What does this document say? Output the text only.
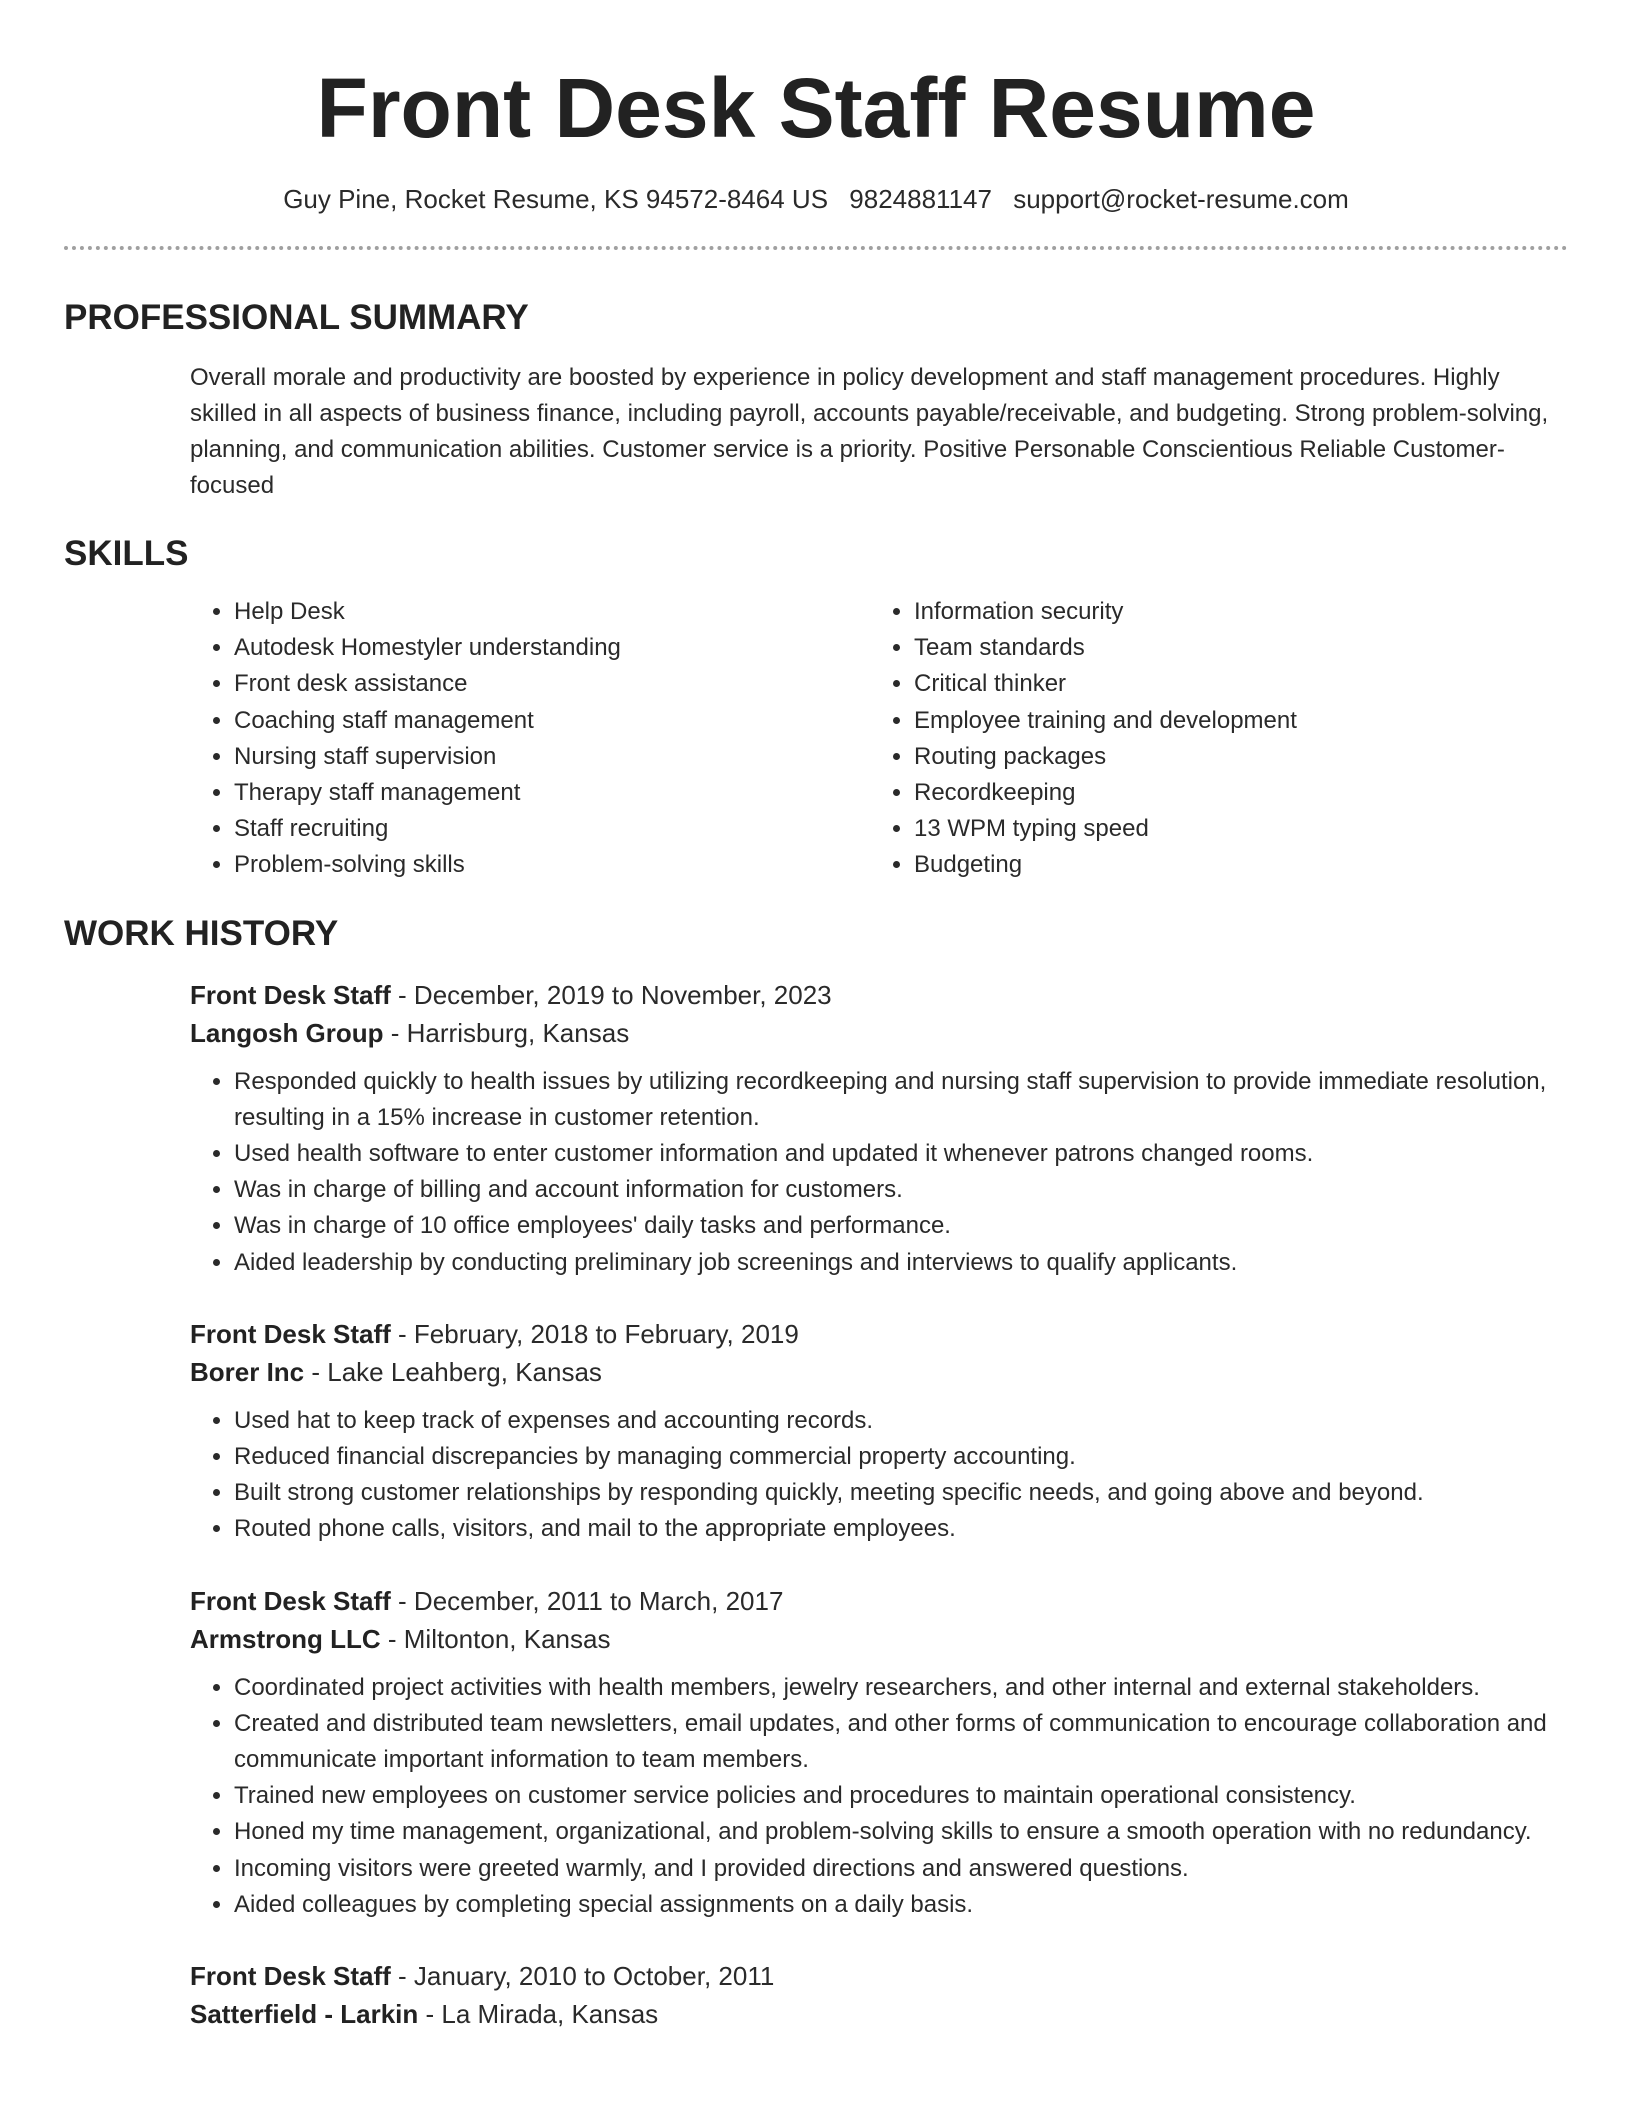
Front Desk Staff Resume
Guy Pine, Rocket Resume, KS 94572-8464 US 9824881147 support@rocket-resume.com
PROFESSIONAL SUMMARY

Overall morale and productivity are boosted by experience in policy development and staff management procedures. Highly skilled in all aspects of business finance, including payroll, accounts payable/receivable, and budgeting. Strong problem-solving, planning, and communication abilities. Customer service is a priority. Positive Personable Conscientious Reliable Customer-focused

SKILLS
• Help Desk
• Autodesk Homestyler understanding
• Front desk assistance
• Coaching staff management
• Nursing staff supervision
• Therapy staff management
• Staff recruiting
• Problem-solving skills
• Information security
• Team standards
• Critical thinker
• Employee training and development
• Routing packages
• Recordkeeping
• 13 WPM typing speed
• Budgeting
WORK HISTORY
Front Desk Staff - December, 2019 to November, 2023
Langosh Group - Harrisburg, Kansas
• Responded quickly to health issues by utilizing recordkeeping and nursing staff supervision to provide immediate resolution, resulting in a 15% increase in customer retention.
• Used health software to enter customer information and updated it whenever patrons changed rooms.
• Was in charge of billing and account information for customers.
• Was in charge of 10 office employees' daily tasks and performance.
• Aided leadership by conducting preliminary job screenings and interviews to qualify applicants.
Front Desk Staff - February, 2018 to February, 2019
Borer Inc - Lake Leahberg, Kansas
• Used hat to keep track of expenses and accounting records.
• Reduced financial discrepancies by managing commercial property accounting.
• Built strong customer relationships by responding quickly, meeting specific needs, and going above and beyond.
• Routed phone calls, visitors, and mail to the appropriate employees.
Front Desk Staff - December, 2011 to March, 2017
Armstrong LLC - Miltonton, Kansas
• Coordinated project activities with health members, jewelry researchers, and other internal and external stakeholders.
• Created and distributed team newsletters, email updates, and other forms of communication to encourage collaboration and communicate important information to team members.
• Trained new employees on customer service policies and procedures to maintain operational consistency.
• Honed my time management, organizational, and problem-solving skills to ensure a smooth operation with no redundancy.
• Incoming visitors were greeted warmly, and I provided directions and answered questions.
• Aided colleagues by completing special assignments on a daily basis.
Front Desk Staff - January, 2010 to October, 2011
Satterfield - Larkin - La Mirada, Kansas
